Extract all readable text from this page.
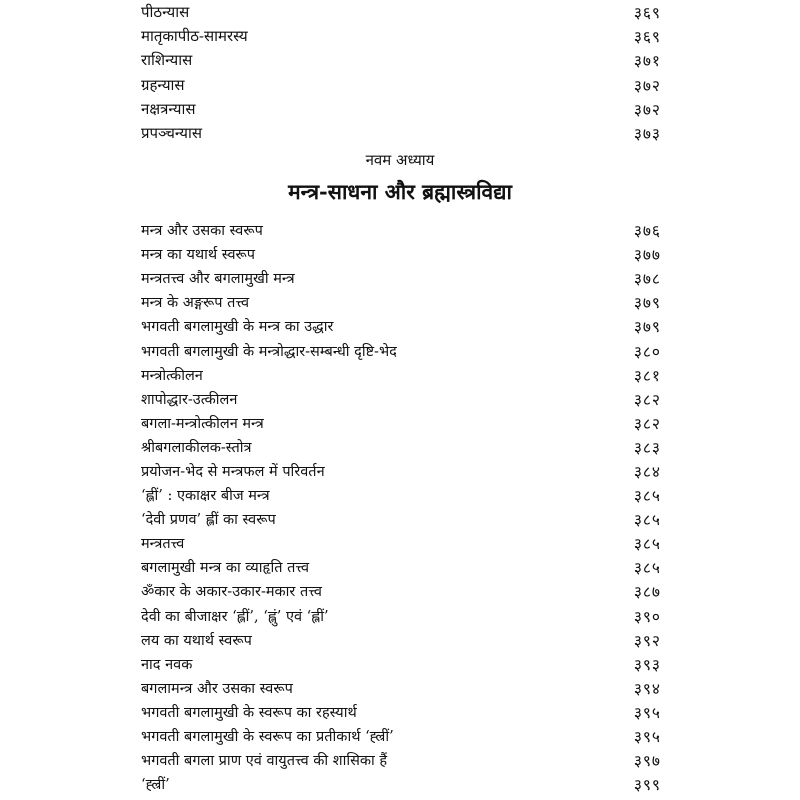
पीठन्यास	३६९
मातृकापीठ-सामरस्य	३६९
राशिन्यास	३७१
ग्रहन्यास	३७२
नक्षत्रन्यास	३७२
प्रपञ्चन्यास	३७३
नवम अध्याय
मन्त्र-साधना और ब्रह्मास्त्रविद्या
मन्त्र और उसका स्वरूप	३७६
मन्त्र का यथार्थ स्वरूप	३७७
मन्त्रतत्त्व और बगलामुखी मन्त्र	३७८
मन्त्र के अङ्गरूप तत्त्व	३७९
भगवती बगलामुखी के मन्त्र का उद्धार	३७९
भगवती बगलामुखी के मन्त्रोद्धार-सम्बन्धी दृष्टि-भेद	३८०
मन्त्रोत्कीलन	३८१
शापोद्धार-उत्कीलन	३८२
बगला-मन्त्रोत्कीलन मन्त्र	३८२
श्रीबगलाकीलक-स्तोत्र	३८३
प्रयोजन-भेद से मन्त्रफल में परिवर्तन	३८४
‘ह्लीं’ : एकाक्षर बीज मन्त्र	३८५
‘देवी प्रणव’ ह्लीं का स्वरूप	३८५
मन्त्रतत्त्व	३८५
बगलामुखी मन्त्र का व्याहृति तत्त्व	३८५
ॐकार के अकार-उकार-मकार तत्त्व	३८७
देवी का बीजाक्षर ‘ह्लीं’, ‘ह्लुं’ एवं ‘ह्लीं’	३९०
लय का यथार्थ स्वरूप	३९२
नाद नवक	३९३
बगलामन्त्र और उसका स्वरूप	३९४
भगवती बगलामुखी के स्वरूप का रहस्यार्थ	३९५
भगवती बगलामुखी के स्वरूप का प्रतीकार्थ ‘ह्ल्रीं’	३९५
भगवती बगला प्राण एवं वायुतत्त्व की शासिका हैं	३९७
‘ह्ल्रीं’	३९९
